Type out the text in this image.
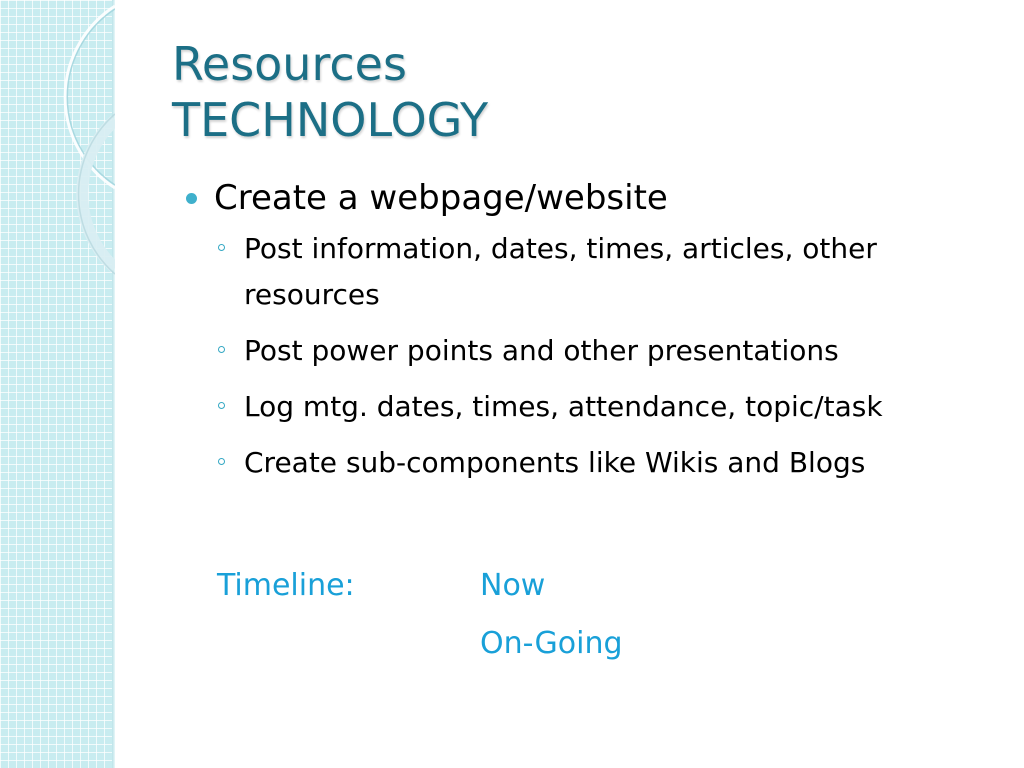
Resources
TECHNOLOGY
Create a webpage/website
Post information, dates, times, articles, other resources
Post power points and other presentations
Log mtg. dates, times, attendance, topic/task
Create sub-components like Wikis and Blogs
Timeline:	Now
On-Going
